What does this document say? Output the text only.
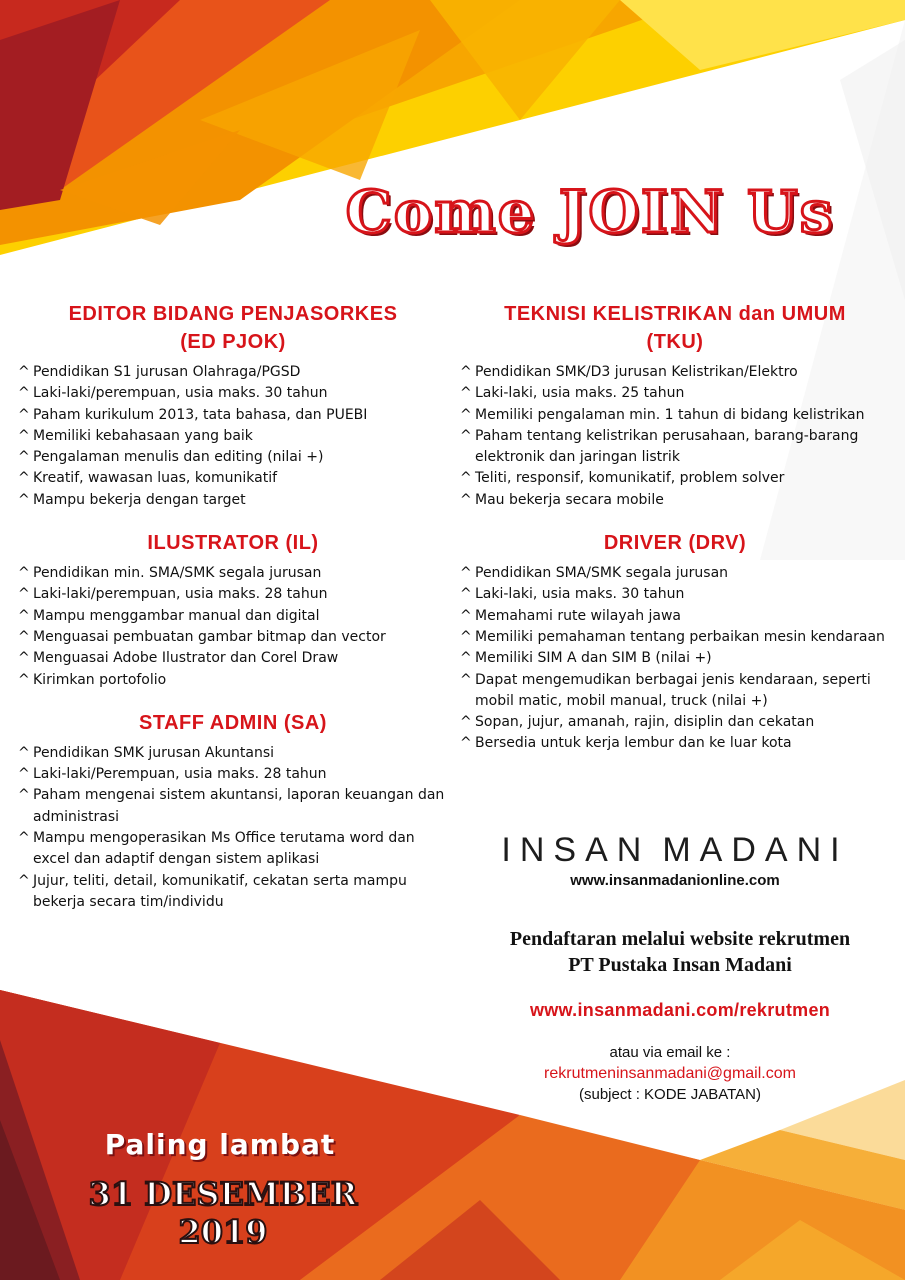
Come JOIN Us
EDITOR BIDANG PENJASORKES
(ED PJOK)
^ Pendidikan S1 jurusan Olahraga/PGSD
^ Laki-laki/perempuan, usia maks. 30 tahun
^ Paham kurikulum 2013, tata bahasa, dan PUEBI
^ Memiliki kebahasaan yang baik
^ Pengalaman menulis dan editing (nilai +)
^ Kreatif, wawasan luas, komunikatif
^ Mampu bekerja dengan target
ILUSTRATOR (IL)
^ Pendidikan min. SMA/SMK segala jurusan
^ Laki-laki/perempuan, usia maks. 28 tahun
^ Mampu menggambar manual dan digital
^ Menguasai pembuatan gambar bitmap dan vector
^ Menguasai Adobe Ilustrator dan Corel Draw
^ Kirimkan portofolio
STAFF ADMIN (SA)
^ Pendidikan SMK jurusan Akuntansi
^ Laki-laki/Perempuan, usia maks. 28 tahun
^ Paham mengenai sistem akuntansi, laporan keuangan dan administrasi
^ Mampu mengoperasikan Ms Office terutama word dan excel dan adaptif dengan sistem aplikasi
^ Jujur, teliti, detail, komunikatif, cekatan serta mampu bekerja secara tim/individu
TEKNISI KELISTRIKAN dan UMUM
(TKU)
^ Pendidikan SMK/D3 jurusan Kelistrikan/Elektro
^ Laki-laki, usia maks. 25 tahun
^ Memiliki pengalaman min. 1 tahun di bidang kelistrikan
^ Paham tentang kelistrikan perusahaan, barang-barang elektronik dan jaringan listrik
^ Teliti, responsif, komunikatif, problem solver
^ Mau bekerja secara mobile
DRIVER (DRV)
^ Pendidikan SMA/SMK segala jurusan
^ Laki-laki, usia maks. 30 tahun
^ Memahami rute wilayah jawa
^ Memiliki pemahaman tentang perbaikan mesin kendaraan
^ Memiliki SIM A dan SIM B (nilai +)
^ Dapat mengemudikan berbagai jenis kendaraan, seperti mobil matic, mobil manual, truck (nilai +)
^ Sopan, jujur, amanah, rajin, disiplin dan cekatan
^ Bersedia untuk kerja lembur dan ke luar kota
INSAN MADANI
www.insanmadanionline.com
Pendaftaran melalui website rekrutmen
PT Pustaka Insan Madani
www.insanmadani.com/rekrutmen
atau via email ke :
rekrutmeninsanmadani@gmail.com
(subject : KODE JABATAN)
Paling lambat
31 DESEMBER 2019
